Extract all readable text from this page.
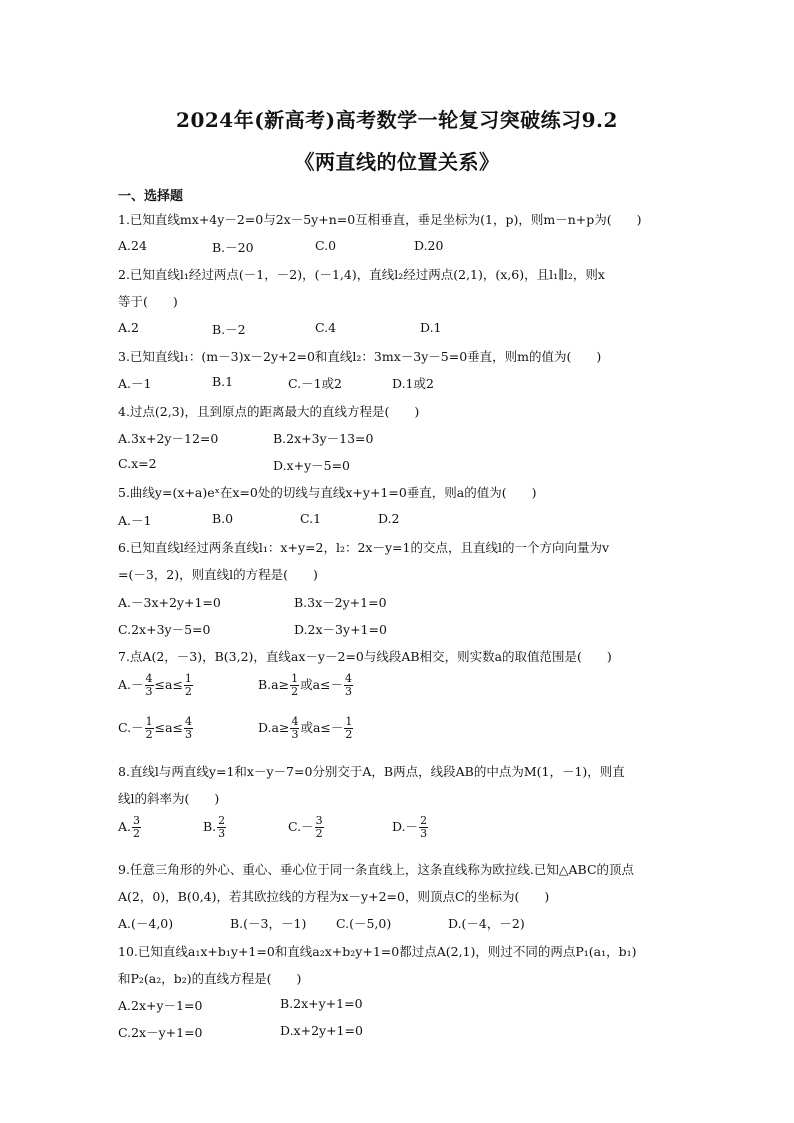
2024年(新高考)高考数学一轮复习突破练习9.2
《两直线的位置关系》
一、选择题
1.已知直线mx+4y－2=0与2x－5y+n=0互相垂直，垂足坐标为(1，p)，则m－n+p为(　　)
A.24	B.－20	C.0	D.20
2.已知直线l₁经过两点(－1，－2)，(－1,4)，直线l₂经过两点(2,1)，(x,6)，且l₁∥l₂，则x
等于(　　)
A.2	B.－2	C.4	D.1
3.已知直线l₁：(m－3)x－2y+2=0和直线l₂：3mx－3y－5=0垂直，则m的值为(　　)
A.－1	B.1	C.－1或2	D.1或2
4.过点(2,3)，且到原点的距离最大的直线方程是(　　)
A.3x+2y－12=0	B.2x+3y－13=0
C.x=2	D.x+y－5=0
5.曲线y=(x+a)eˣ在x=0处的切线与直线x+y+1=0垂直，则a的值为(　　)
A.－1	B.0	C.1	D.2
6.已知直线l经过两条直线l₁：x+y=2，l₂：2x－y=1的交点，且直线l的一个方向向量为v
=(－3，2)，则直线l的方程是(　　)
A.－3x+2y+1=0	B.3x－2y+1=0
C.2x+3y－5=0	D.2x－3y+1=0
7.点A(2，－3)，B(3,2)，直线ax－y－2=0与线段AB相交，则实数a的取值范围是(　　)
$A.- \frac{4}{3} \le a\le \frac{1}{2}$	$B.a\ge \frac{1}{2}$ 或$a\le- \frac{4}{3}$
$C.- \frac{1}{2} \le a\le \frac{4}{3}$	$D.a\ge \frac{4}{3}$ 或$a\le- \frac{1}{2}$
8.直线l与两直线y=1和x－y－7=0分别交于A，B两点，线段AB的中点为M(1，－1)，则直
线l的斜率为(　　)
A. $\frac{3}{2}$	B. $\frac{2}{3}$	$C.- \frac{3}{2}$	$D.- \frac{2}{3}$
9.任意三角形的外心、重心、垂心位于同一条直线上，这条直线称为欧拉线.已知△ABC的顶点
A(2，0)，B(0,4)，若其欧拉线的方程为x－y+2=0，则顶点C的坐标为(　　)
A.(－4,0)	B.(－3，－1) C.(－5,0)	D.(－4，－2)
10.已知直线a₁x+b₁y+1=0和直线a₂x+b₂y+1=0都过点A(2,1)，则过不同的两点P₁(a₁，b₁)
和P₂(a₂，b₂)的直线方程是(　　)
A.2x+y－1=0	B.2x+y+1=0
C.2x－y+1=0	D.x+2y+1=0
